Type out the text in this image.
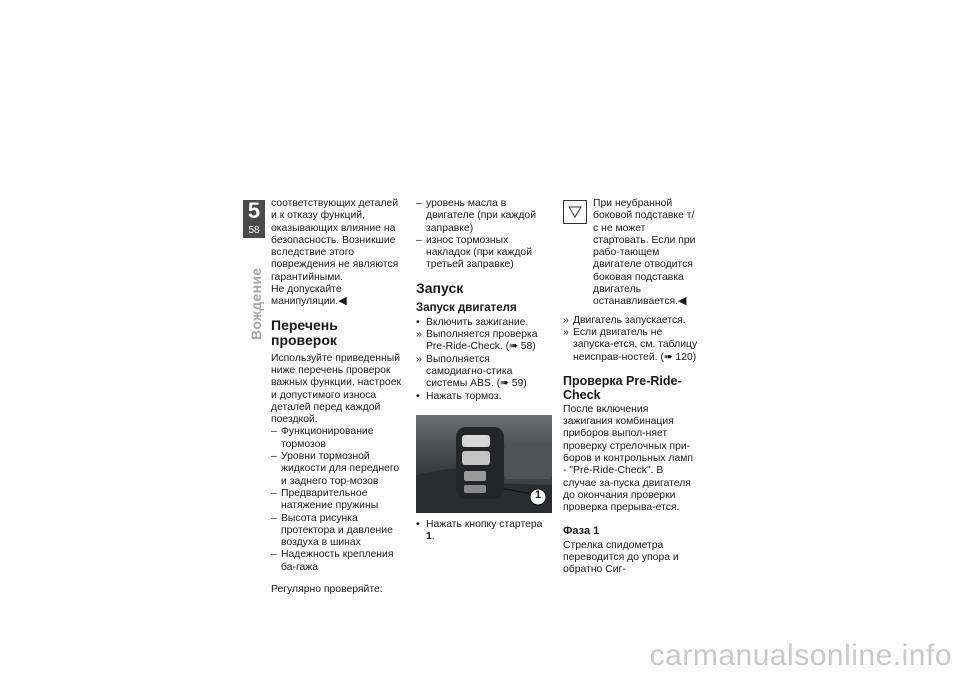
5
58
Вождение

соответствующих деталей и к отказу функций, оказывающих влияние на безопасность. Возникшие вследствие этого повреждения не являются гарантийными.

Не допускайте манипуляции.◀

Перечень проверок

Используйте приведенный ниже перечень проверок важных функции, настроек и допустимого износа деталей перед каждой поездкой.

– Функционирование тормозов
– Уровни тормозной жидкости для переднего и заднего тор-мозов
– Предварительное натяжение пружины
– Высота рисунка протектора и давление воздуха в шинах
– Надежность крепления ба-гажа

Регулярно проверяйте:

– уровень масла в двигателе (при каждой заправке)
– износ тормозных накладок (при каждой третьей заправке)
Запуск
Запуск двигателя
• Включить зажигание.
» Выполняется проверка Pre-Ride-Check. (➠ 58)
» Выполняется самодиагно-стика системы ABS. (➠ 59)
• Нажать тормоз.
1
• Нажать кнопку стартера 1.

При неубранной боковой подставке т/с не может стартовать. Если при рабо-тающем двигателе отводится боковая подставка двигатель останавливается.◀

» Двигатель запускается.
» Если двигатель не запуска-ется, см. таблицу неисправ-ностей. (➠ 120)
Проверка Pre-Ride-Check

После включения зажигания комбинация приборов выпол-няет проверку стрелочных при-боров и контрольных ламп - "Pre-Ride-Check". В случае за-пуска двигателя до окончания проверки проверка прерыва-ется.

Фаза 1

Стрелка спидометра переводится до упора и обратно Сиг-

carmanualsonline.info
